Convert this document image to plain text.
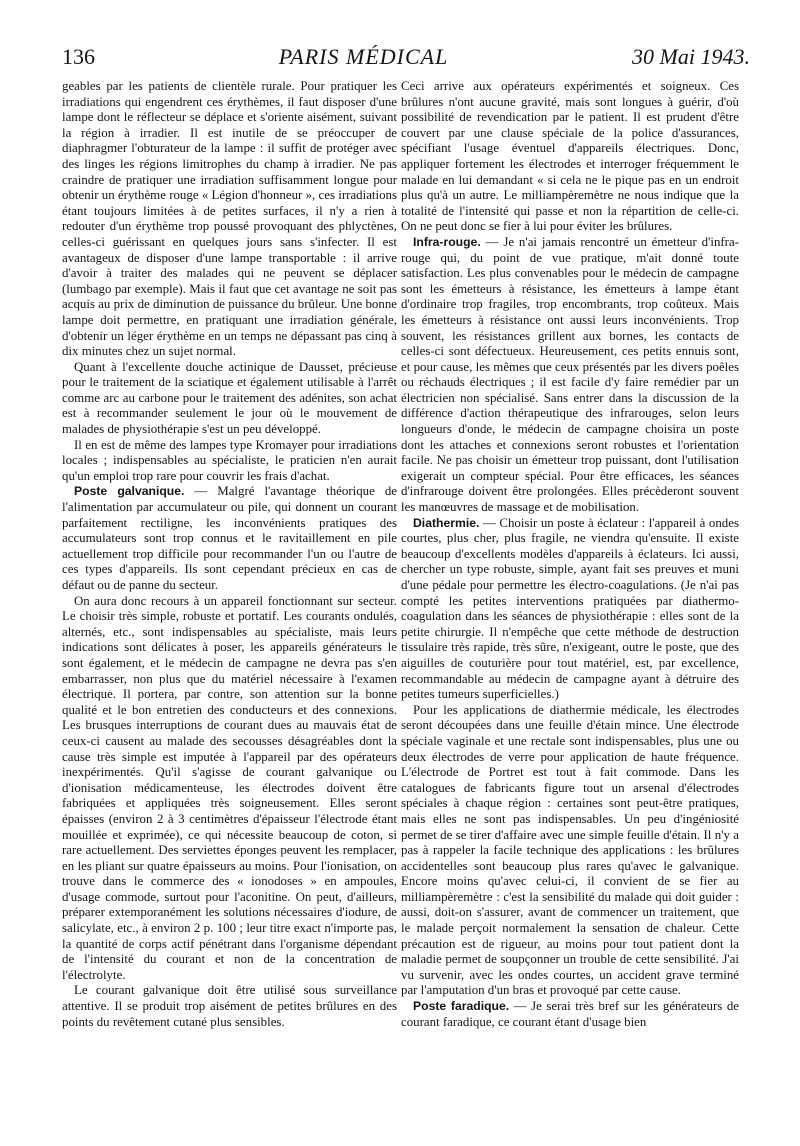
136	PARIS MÉDICAL	30 Mai 1943.

geables par les patients de clientèle rurale. Pour pratiquer les irradiations qui engendrent ces érythèmes, il faut disposer d'une lampe dont le réflecteur se déplace et s'oriente aisément, suivant la région à irradier. Il est inutile de se préoccuper de diaphragmer l'obturateur de la lampe : il suffit de protéger avec des linges les régions limitrophes du champ à irradier. Ne pas craindre de pratiquer une irradiation suffisamment longue pour obtenir un érythème rouge « Légion d'honneur », ces irradiations étant toujours limitées à de petites surfaces, il n'y a rien à redouter d'un érythème trop poussé provoquant des phlyctènes, celles-ci guérissant en quelques jours sans s'infecter. Il est avantageux de disposer d'une lampe transportable : il arrive d'avoir à traiter des malades qui ne peuvent se déplacer (lumbago par exemple). Mais il faut que cet avantage ne soit pas acquis au prix de diminution de puissance du brûleur. Une bonne lampe doit permettre, en pratiquant une irradiation générale, d'obtenir un léger érythème en un temps ne dépassant pas cinq à dix minutes chez un sujet normal.

Quant à l'excellente douche actinique de Dausset, précieuse pour le traitement de la sciatique et également utilisable à l'arrêt comme arc au carbone pour le traitement des adénites, son achat est à recommander seulement le jour où le mouvement de malades de physiothérapie s'est un peu développé.

Il en est de même des lampes type Kromayer pour irradiations locales ; indispensables au spécialiste, le praticien n'en aurait qu'un emploi trop rare pour couvrir les frais d'achat.

Poste galvanique. — Malgré l'avantage théorique de l'alimentation par accumulateur ou pile, qui donnent un courant parfaitement rectiligne, les inconvénients pratiques des accumulateurs sont trop connus et le ravitaillement en pile actuellement trop difficile pour recommander l'un ou l'autre de ces types d'appareils. Ils sont cependant précieux en cas de défaut ou de panne du secteur.

On aura donc recours à un appareil fonctionnant sur secteur. Le choisir très simple, robuste et portatif. Les courants ondulés, alternés, etc., sont indispensables au spécialiste, mais leurs indications sont délicates à poser, les appareils générateurs le sont également, et le médecin de campagne ne devra pas s'en embarrasser, non plus que du matériel nécessaire à l'examen électrique. Il portera, par contre, son attention sur la bonne qualité et le bon entretien des conducteurs et des connexions. Les brusques interruptions de courant dues au mauvais état de ceux-ci causent au malade des secousses désagréables dont la cause très simple est imputée à l'appareil par des opérateurs inexpérimentés. Qu'il s'agisse de courant galvanique ou d'ionisation médicamenteuse, les électrodes doivent être fabriquées et appliquées très soigneusement. Elles seront épaisses (environ 2 à 3 centimètres d'épaisseur l'électrode étant mouillée et exprimée), ce qui nécessite beaucoup de coton, si rare actuellement. Des serviettes éponges peuvent les remplacer, en les pliant sur quatre épaisseurs au moins. Pour l'ionisation, on trouve dans le commerce des « ionodoses » en ampoules, d'usage commode, surtout pour l'aconitine. On peut, d'ailleurs, préparer extemporanément les solutions nécessaires d'iodure, de salicylate, etc., à environ 2 p. 100 ; leur titre exact n'importe pas, la quantité de corps actif pénétrant dans l'organisme dépendant de l'intensité du courant et non de la concentration de l'électrolyte.

Le courant galvanique doit être utilisé sous surveillance attentive. Il se produit trop aisément de petites brûlures en des points du revêtement cutané plus sensibles.

Ceci arrive aux opérateurs expérimentés et soigneux. Ces brûlures n'ont aucune gravité, mais sont longues à guérir, d'où possibilité de revendication par le patient. Il est prudent d'être couvert par une clause spéciale de la police d'assurances, spécifiant l'usage éventuel d'appareils électriques. Donc, appliquer fortement les électrodes et interroger fréquemment le malade en lui demandant « si cela ne le pique pas en un endroit plus qu'à un autre. Le milliampèremètre ne nous indique que la totalité de l'intensité qui passe et non la répartition de celle-ci. On ne peut donc se fier à lui pour éviter les brûlures.

Infra-rouge. — Je n'ai jamais rencontré un émetteur d'infra-rouge qui, du point de vue pratique, m'ait donné toute satisfaction. Les plus convenables pour le médecin de campagne sont les émetteurs à résistance, les émetteurs à lampe étant d'ordinaire trop fragiles, trop encombrants, trop coûteux. Mais les émetteurs à résistance ont aussi leurs inconvénients. Trop souvent, les résistances grillent aux bornes, les contacts de celles-ci sont défectueux. Heureusement, ces petits ennuis sont, et pour cause, les mêmes que ceux présentés par les divers poêles ou réchauds électriques ; il est facile d'y faire remédier par un électricien non spécialisé. Sans entrer dans la discussion de la différence d'action thérapeutique des infrarouges, selon leurs longueurs d'onde, le médecin de campagne choisira un poste dont les attaches et connexions seront robustes et l'orientation facile. Ne pas choisir un émetteur trop puissant, dont l'utilisation exigerait un compteur spécial. Pour être efficaces, les séances d'infrarouge doivent être prolongées. Elles précèderont souvent les manœuvres de massage et de mobilisation.

Diathermie. — Choisir un poste à éclateur : l'appareil à ondes courtes, plus cher, plus fragile, ne viendra qu'ensuite. Il existe beaucoup d'excellents modèles d'appareils à éclateurs. Ici aussi, chercher un type robuste, simple, ayant fait ses preuves et muni d'une pédale pour permettre les électro-coagulations. (Je n'ai pas compté les petites interventions pratiquées par diathermo-coagulation dans les séances de physiothérapie : elles sont de la petite chirurgie. Il n'empêche que cette méthode de destruction tissulaire très rapide, très sûre, n'exigeant, outre le poste, que des aiguilles de couturière pour tout matériel, est, par excellence, recommandable au médecin de campagne ayant à détruire des petites tumeurs superficielles.)

Pour les applications de diathermie médicale, les électrodes seront découpées dans une feuille d'étain mince. Une électrode spéciale vaginale et une rectale sont indispensables, plus une ou deux électrodes de verre pour application de haute fréquence. L'électrode de Portret est tout à fait commode. Dans les catalogues de fabricants figure tout un arsenal d'électrodes spéciales à chaque région : certaines sont peut-être pratiques, mais elles ne sont pas indispensables. Un peu d'ingéniosité permet de se tirer d'affaire avec une simple feuille d'étain. Il n'y a pas à rappeler la facile technique des applications : les brûlures accidentelles sont beaucoup plus rares qu'avec le galvanique. Encore moins qu'avec celui-ci, il convient de se fier au milliampèremètre : c'est la sensibilité du malade qui doit guider : aussi, doit-on s'assurer, avant de commencer un traitement, que le malade perçoit normalement la sensation de chaleur. Cette précaution est de rigueur, au moins pour tout patient dont la maladie permet de soupçonner un trouble de cette sensibilité. J'ai vu survenir, avec les ondes courtes, un accident grave terminé par l'amputation d'un bras et provoqué par cette cause.

Poste faradique. — Je serai très bref sur les générateurs de courant faradique, ce courant étant d'usage bien
